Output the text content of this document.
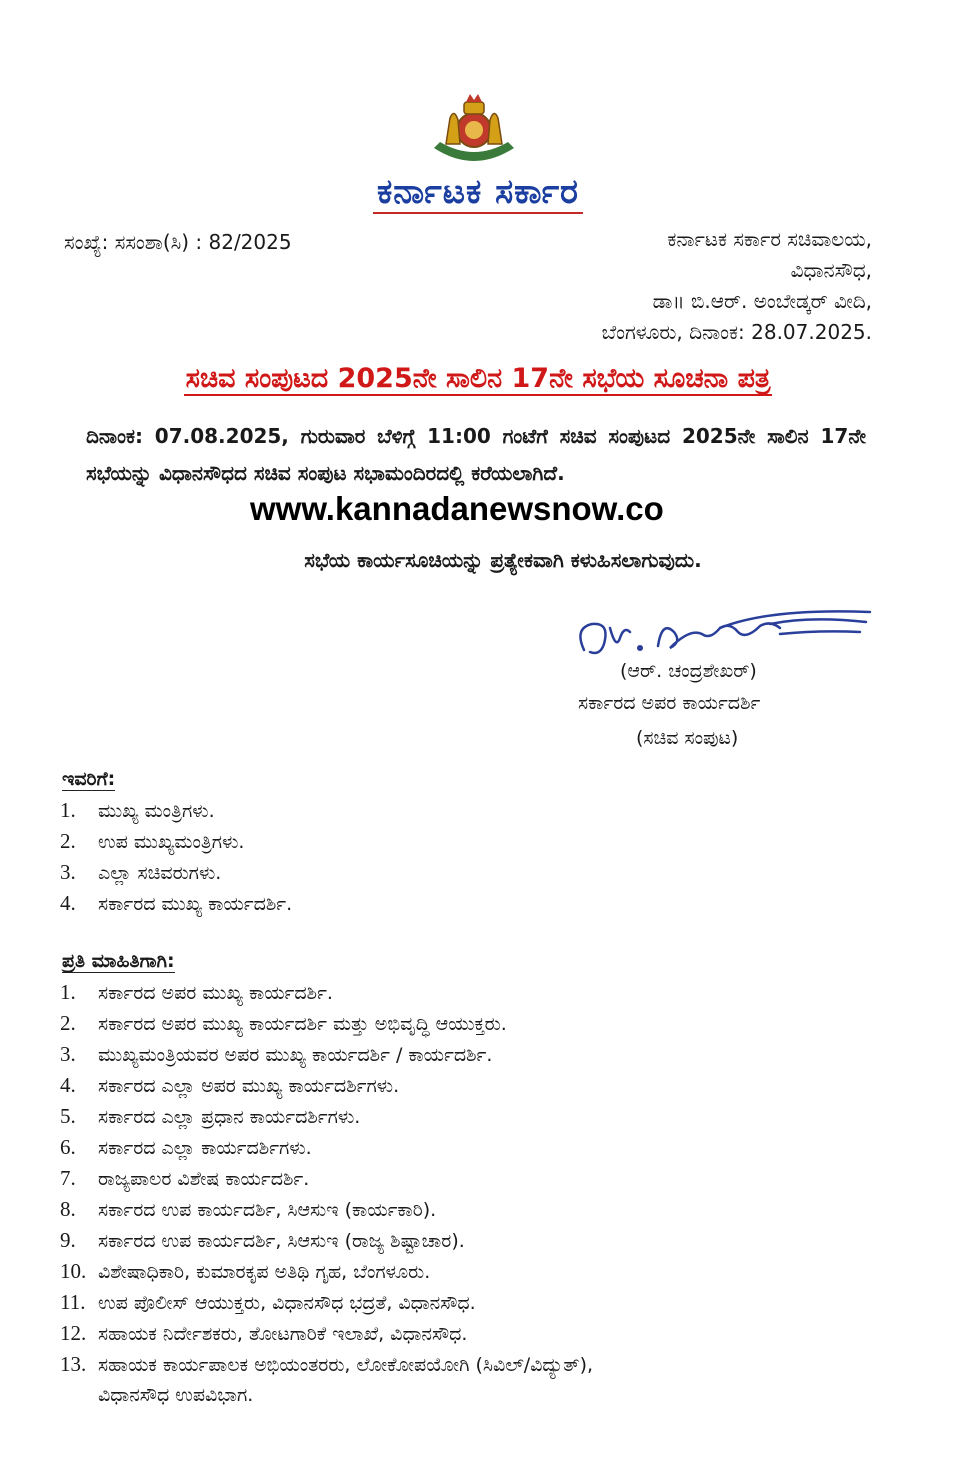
ಕರ್ನಾಟಕ ಸರ್ಕಾರ
ಸಂಖ್ಯೆ: ಸಸಂಶಾ(ಸಿ) : 82/2025	ಕರ್ನಾಟಕ ಸರ್ಕಾರ ಸಚಿವಾಲಯ,
ವಿಧಾನಸೌಧ,
ಡಾ॥ ಬಿ.ಆರ್. ಅಂಬೇಡ್ಕರ್ ವೀದಿ,
ಬೆಂಗಳೂರು, ದಿನಾಂಕ: 28.07.2025.
ಸಚಿವ ಸಂಪುಟದ 2025ನೇ ಸಾಲಿನ 17ನೇ ಸಭೆಯ ಸೂಚನಾ ಪತ್ರ
ದಿನಾಂಕ: 07.08.2025, ಗುರುವಾರ ಬೆಳಿಗ್ಗೆ 11:00 ಗಂಟೆಗೆ ಸಚಿವ ಸಂಪುಟದ 2025ನೇ ಸಾಲಿನ 17ನೇ ಸಭೆಯನ್ನು ವಿಧಾನಸೌಧದ ಸಚಿವ ಸಂಪುಟ ಸಭಾಮಂದಿರದಲ್ಲಿ ಕರೆಯಲಾಗಿದೆ.
www.kannadanewsnow.co
ಸಭೆಯ ಕಾರ್ಯಸೂಚಿಯನ್ನು ಪ್ರತ್ಯೇಕವಾಗಿ ಕಳುಹಿಸಲಾಗುವುದು.
(ಆರ್. ಚಂದ್ರಶೇಖರ್)
ಸರ್ಕಾರದ ಅಪರ ಕಾರ್ಯದರ್ಶಿ
(ಸಚಿವ ಸಂಪುಟ)
ಇವರಿಗೆ:
1. ಮುಖ್ಯ ಮಂತ್ರಿಗಳು.
2. ಉಪ ಮುಖ್ಯಮಂತ್ರಿಗಳು.
3. ಎಲ್ಲಾ ಸಚಿವರುಗಳು.
4. ಸರ್ಕಾರದ ಮುಖ್ಯ ಕಾರ್ಯದರ್ಶಿ.
ಪ್ರತಿ ಮಾಹಿತಿಗಾಗಿ:
1. ಸರ್ಕಾರದ ಅಪರ ಮುಖ್ಯ ಕಾರ್ಯದರ್ಶಿ.
2. ಸರ್ಕಾರದ ಅಪರ ಮುಖ್ಯ ಕಾರ್ಯದರ್ಶಿ ಮತ್ತು ಅಭಿವೃದ್ಧಿ ಆಯುಕ್ತರು.
3. ಮುಖ್ಯಮಂತ್ರಿಯವರ ಅಪರ ಮುಖ್ಯ ಕಾರ್ಯದರ್ಶಿ / ಕಾರ್ಯದರ್ಶಿ.
4. ಸರ್ಕಾರದ ಎಲ್ಲಾ ಅಪರ ಮುಖ್ಯ ಕಾರ್ಯದರ್ಶಿಗಳು.
5. ಸರ್ಕಾರದ ಎಲ್ಲಾ ಪ್ರಧಾನ ಕಾರ್ಯದರ್ಶಿಗಳು.
6. ಸರ್ಕಾರದ ಎಲ್ಲಾ ಕಾರ್ಯದರ್ಶಿಗಳು.
7. ರಾಜ್ಯಪಾಲರ ವಿಶೇಷ ಕಾರ್ಯದರ್ಶಿ.
8. ಸರ್ಕಾರದ ಉಪ ಕಾರ್ಯದರ್ಶಿ, ಸಿಆಸುಇ (ಕಾರ್ಯಕಾರಿ).
9. ಸರ್ಕಾರದ ಉಪ ಕಾರ್ಯದರ್ಶಿ, ಸಿಆಸುಇ (ರಾಜ್ಯ ಶಿಷ್ಟಾಚಾರ).
10. ವಿಶೇಷಾಧಿಕಾರಿ, ಕುಮಾರಕೃಪ ಅತಿಥಿ ಗೃಹ, ಬೆಂಗಳೂರು.
11. ಉಪ ಪೊಲೀಸ್ ಆಯುಕ್ತರು, ವಿಧಾನಸೌಧ ಭದ್ರತೆ, ವಿಧಾನಸೌಧ.
12. ಸಹಾಯಕ ನಿರ್ದೇಶಕರು, ತೋಟಗಾರಿಕೆ ಇಲಾಖೆ, ವಿಧಾನಸೌಧ.
13. ಸಹಾಯಕ ಕಾರ್ಯಪಾಲಕ ಅಭಿಯಂತರರು, ಲೋಕೋಪಯೋಗಿ (ಸಿವಿಲ್/ವಿದ್ಯುತ್),
ವಿಧಾನಸೌಧ ಉಪವಿಭಾಗ.
